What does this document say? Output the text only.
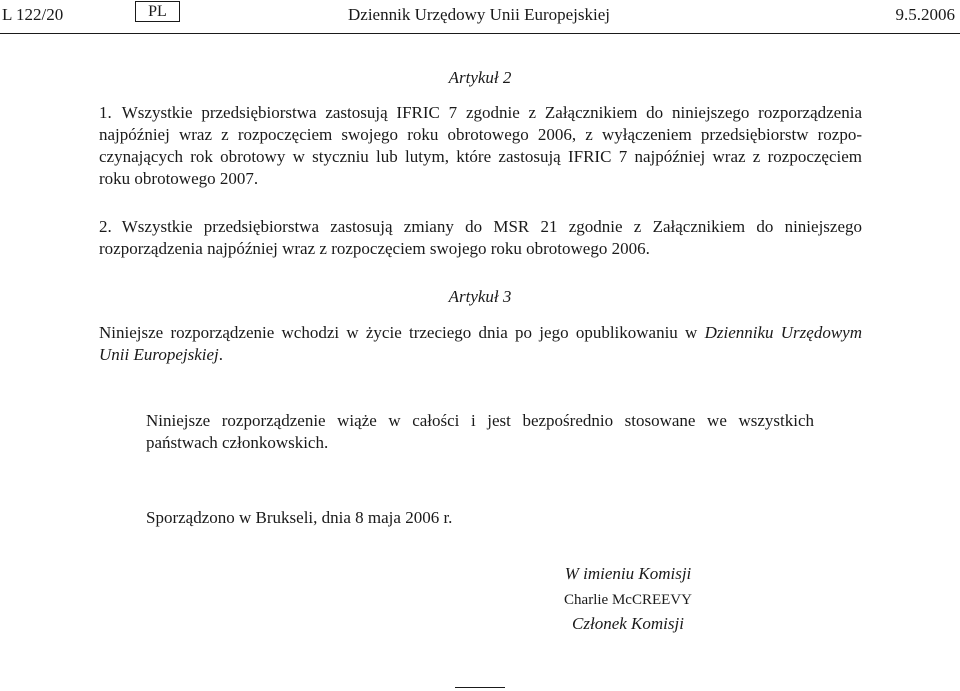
L 122/20	PL	Dziennik Urzędowy Unii Europejskiej	9.5.2006
Artykuł 2
1. Wszystkie przedsiębiorstwa zastosują IFRIC 7 zgodnie z Załącznikiem do niniejszego rozporządzenia
najpóźniej wraz z rozpoczęciem swojego roku obrotowego 2006, z wyłączeniem przedsiębiorstw rozpo-
czynających rok obrotowy w styczniu lub lutym, które zastosują IFRIC 7 najpóźniej wraz z rozpoczęciem
roku obrotowego 2007.
2. Wszystkie przedsiębiorstwa zastosują zmiany do MSR 21 zgodnie z Załącznikiem do niniejszego
rozporządzenia najpóźniej wraz z rozpoczęciem swojego roku obrotowego 2006.
Artykuł 3
Niniejsze rozporządzenie wchodzi w życie trzeciego dnia po jego opublikowaniu w Dzienniku Urzędowym
Unii Europejskiej.
Niniejsze rozporządzenie wiąże w całości i jest bezpośrednio stosowane we wszystkich
państwach członkowskich.
Sporządzono w Brukseli, dnia 8 maja 2006 r.
W imieniu Komisji
Charlie McCREEVY
Członek Komisji
